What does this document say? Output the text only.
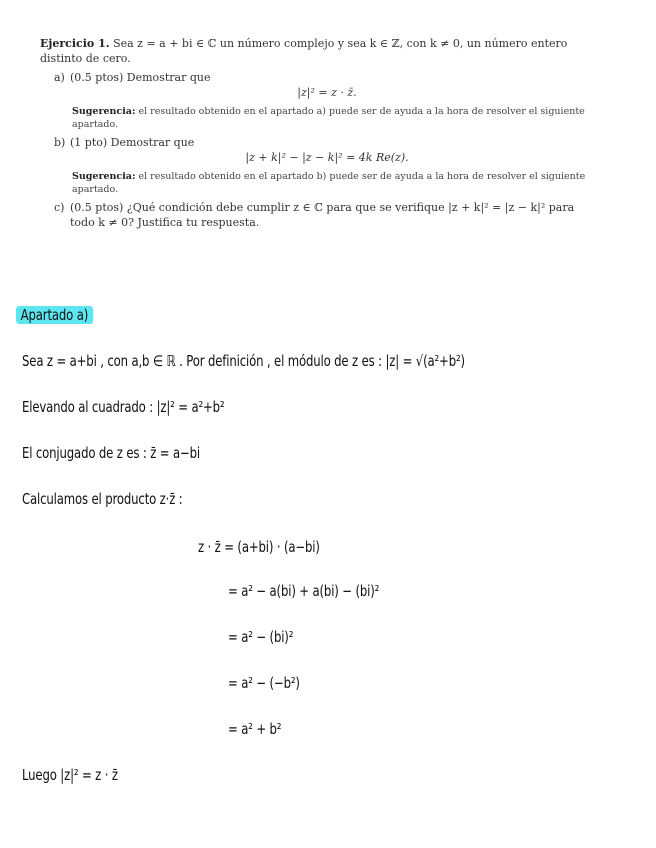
Ejercicio 1. Sea z = a + bi ∈ ℂ un número complejo y sea k ∈ ℤ, con k ≠ 0, un número entero distinto de cero.

a) (0.5 ptos) Demostrar que
|z|² = z · z̄.
Sugerencia: el resultado obtenido en el apartado a) puede ser de ayuda a la hora de resolver el siguiente apartado.
b) (1 pto) Demostrar que
|z + k|² − |z − k|² = 4k Re(z).
Sugerencia: el resultado obtenido en el apartado b) puede ser de ayuda a la hora de resolver el siguiente apartado.
c) (0.5 ptos) ¿Qué condición debe cumplir z ∈ ℂ para que se verifique |z + k|² = |z − k|² para todo k ≠ 0? Justifica tu respuesta.
Apartado a)
Sea z = a+bi , con a,b ∈ ℝ . Por definición , el módulo de z es : |z| = √(a²+b²)
Elevando al cuadrado : |z|² = a²+b²
El conjugado de z es : z̄ = a−bi
Calculamos el producto z·z̄ :
z · z̄ = (a+bi) · (a−bi)
= a² − a(bi) + a(bi) − (bi)²
= a² − (bi)²
= a² − (−b²)
= a² + b²
Luego |z|² = z · z̄
